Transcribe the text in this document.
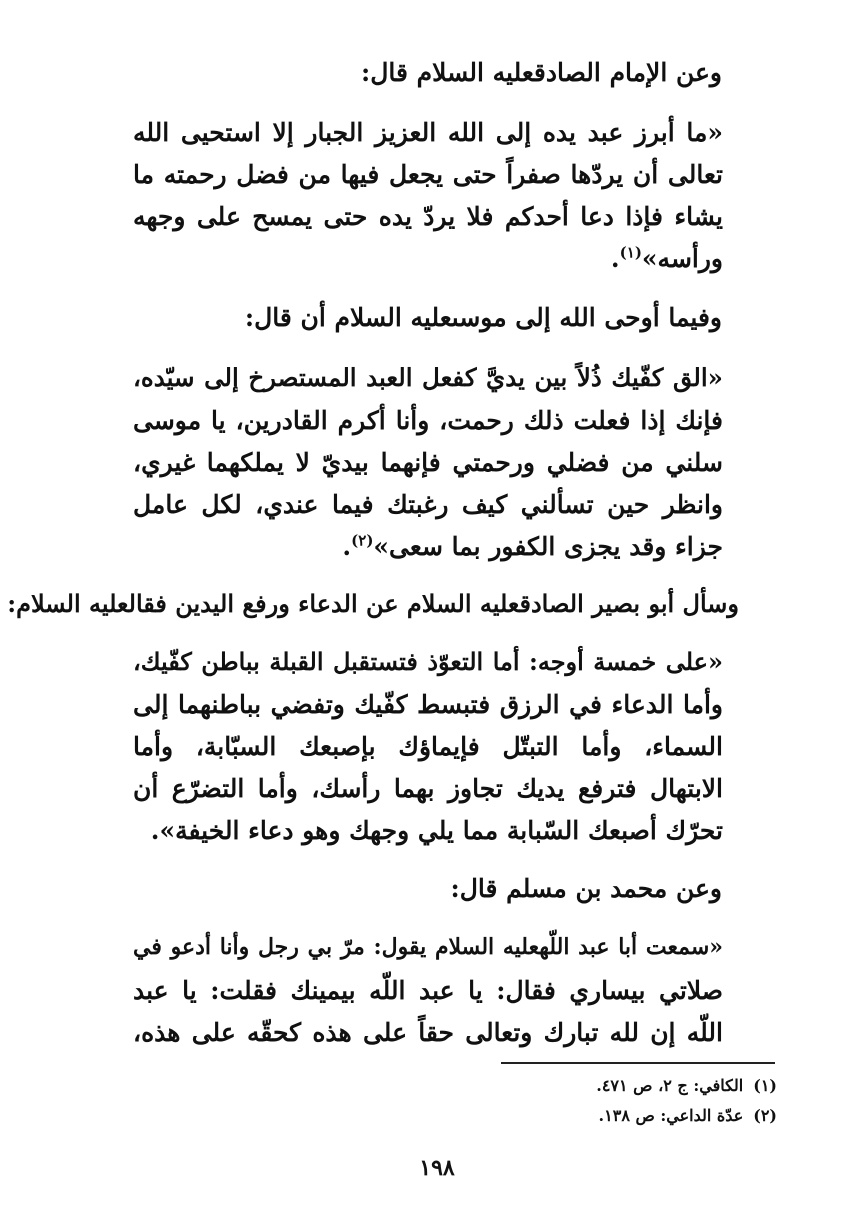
وعن الإمام الصادقعليه السلام قال:
«ما أبرز عبد يده إلى الله العزيز الجبار إلا استحيى الله
تعالى أن يردّها صفراً حتى يجعل فيها من فضل رحمته ما
يشاء فإذا دعا أحدكم فلا يردّ يده حتى يمسح على وجهه
ورأسه»$^{(١)}$.
وفيما أوحى الله إلى موسىعليه السلام أن قال:
«الق كفّيك ذُلاً بين يديَّ كفعل العبد المستصرخ إلى سيّده،
فإنك إذا فعلت ذلك رحمت، وأنا أكرم القادرين، يا موسى
سلني من فضلي ورحمتي فإنهما بيديّ لا يملكهما غيري،
وانظر حين تسألني كيف رغبتك فيما عندي، لكل عامل
جزاء وقد يجزى الكفور بما سعى»$^{(٢)}$.
وسأل أبو بصير الصادقعليه السلام عن الدعاء ورفع اليدين فقالعليه السلام:
«على خمسة أوجه: أما التعوّذ فتستقبل القبلة بباطن كفّيك،
وأما الدعاء في الرزق فتبسط كفّيك وتفضي بباطنهما إلى
السماء، وأما التبتّل فإيماؤك بإصبعك السبّابة، وأما
الابتهال فترفع يديك تجاوز بهما رأسك، وأما التضرّع أن
تحرّك أصبعك السّبابة مما يلي وجهك وهو دعاء الخيفة».
وعن محمد بن مسلم قال:
«سمعت أبا عبد اللّهعليه السلام يقول: مرّ بي رجل وأنا أدعو في
صلاتي بيساري فقال: يا عبد اللّه بيمينك فقلت: يا عبد
اللّه إن لله تبارك وتعالى حقاً على هذه كحقّه على هذه،
(١)الكافي: ج ٢، ص ٤٧١.
(٢)عدّة الداعي: ص ١٣٨.
١٩٨
